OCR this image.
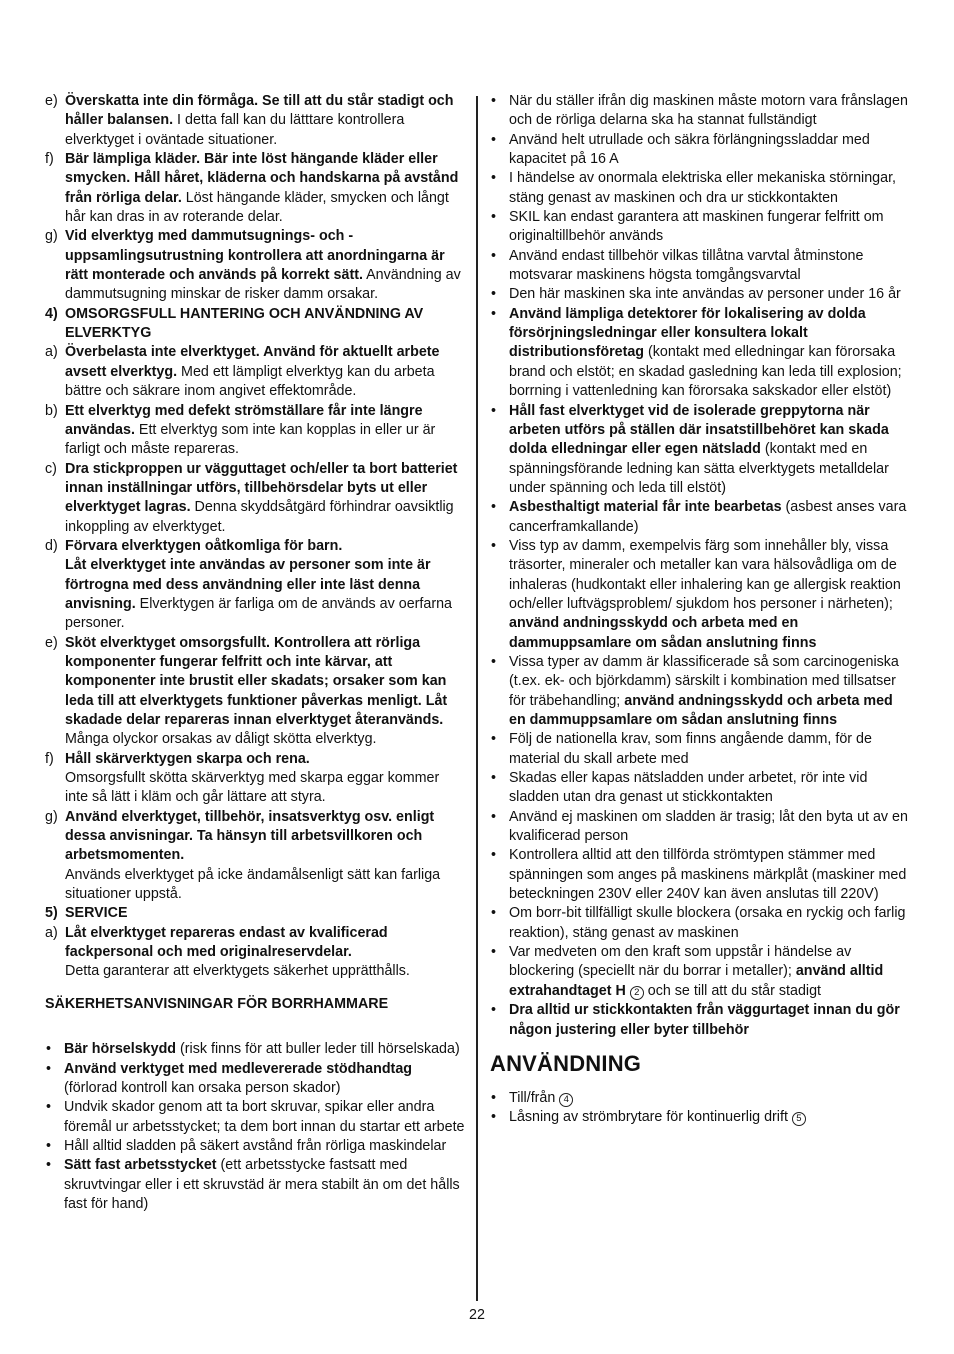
e) Överskatta inte din förmåga. Se till att du står stadigt och håller balansen. I detta fall kan du lätttare kontrollera elverktyget i oväntade situationer.
f) Bär lämpliga kläder. Bär inte löst hängande kläder eller smycken. Håll håret, kläderna och handskarna på avstånd från rörliga delar. Löst hängande kläder, smycken och långt hår kan dras in av roterande delar.
g) Vid elverktyg med dammutsugnings- och -uppsamlingsutrustning kontrollera att anordningarna är rätt monterade och används på korrekt sätt. Användning av dammutsugning minskar de risker damm orsakar.
4) OMSORGSFULL HANTERING OCH ANVÄNDNING AV ELVERKTYG
a) Överbelasta inte elverktyget. Använd för aktuellt arbete avsett elverktyg. Med ett lämpligt elverktyg kan du arbeta bättre och säkrare inom angivet effektområde.
b) Ett elverktyg med defekt strömställare får inte längre användas. Ett elverktyg som inte kan kopplas in eller ur är farligt och måste repareras.
c) Dra stickproppen ur vägguttaget och/eller ta bort batteriet innan inställningar utförs, tillbehörsdelar byts ut eller elverktyget lagras. Denna skyddsåtgärd förhindrar oavsiktlig inkoppling av elverktyget.
d) Förvara elverktygen oåtkomliga för barn.
Låt elverktyget inte användas av personer som inte är förtrogna med dess användning eller inte läst denna anvisning. Elverktygen är farliga om de används av oerfarna personer.
e) Sköt elverktyget omsorgsfullt. Kontrollera att rörliga komponenter fungerar felfritt och inte kärvar, att komponenter inte brustit eller skadats; orsaker som kan leda till att elverktygets funktioner påverkas menligt. Låt skadade delar repareras innan elverktyget återanvänds. Många olyckor orsakas av dåligt skötta elverktyg.
f) Håll skärverktygen skarpa och rena.
Omsorgsfullt skötta skärverktyg med skarpa eggar kommer inte så lätt i kläm och går lättare att styra.
g) Använd elverktyget, tillbehör, insatsverktyg osv. enligt dessa anvisningar. Ta hänsyn till arbetsvillkoren och arbetsmomenten.
Används elverktyget på icke ändamålsenligt sätt kan farliga situationer uppstå.
5) SERVICE
a) Låt elverktyget repareras endast av kvalificerad fackpersonal och med originalreservdelar.
Detta garanterar att elverktygets säkerhet upprätthålls.
SÄKERHETSANVISNINGAR FÖR BORRHAMMARE
• Bär hörselskydd (risk finns för att buller leder till hörselskada)
• Använd verktyget med medlevererade stödhandtag (förlorad kontroll kan orsaka person skador)
• Undvik skador genom att ta bort skruvar, spikar eller andra föremål ur arbetsstycket; ta dem bort innan du startar ett arbete
• Håll alltid sladden på säkert avstånd från rörliga maskindelar
• Sätt fast arbetsstycket (ett arbetsstycke fastsatt med skruvtvingar eller i ett skruvstäd är mera stabilt än om det hålls fast för hand)
• När du ställer ifrån dig maskinen måste motorn vara frånslagen och de rörliga delarna ska ha stannat fullständigt
• Använd helt utrullade och säkra förlängningssladdar med kapacitet på 16 A
• I händelse av onormala elektriska eller mekaniska störningar, stäng genast av maskinen och dra ur stickkontakten
• SKIL kan endast garantera att maskinen fungerar felfritt om originaltillbehör används
• Använd endast tillbehör vilkas tillåtna varvtal åtminstone motsvarar maskinens högsta tomgångsvarvtal
• Den här maskinen ska inte användas av personer under 16 år
• Använd lämpliga detektorer för lokalisering av dolda försörjningsledningar eller konsultera lokalt distributionsföretag (kontakt med elledningar kan förorsaka brand och elstöt; en skadad gasledning kan leda till explosion; borrning i vattenledning kan förorsaka sakskador eller elstöt)
• Håll fast elverktyget vid de isolerade greppytorna när arbeten utförs på ställen där insatstillbehöret kan skada dolda elledningar eller egen nätsladd (kontakt med en spänningsförande ledning kan sätta elverktygets metalldelar under spänning och leda till elstöt)
• Asbesthaltigt material får inte bearbetas (asbest anses vara cancerframkallande)
• Viss typ av damm, exempelvis färg som innehåller bly, vissa träsorter, mineraler och metaller kan vara hälsovådliga om de inhaleras (hudkontakt eller inhalering kan ge allergisk reaktion och/eller luftvägsproblem/ sjukdom hos personer i närheten); använd andningsskydd och arbeta med en dammuppsamlare om sådan anslutning finns
• Vissa typer av damm är klassificerade så som carcinogeniska (t.ex. ek- och björkdamm) särskilt i kombination med tillsatser för träbehandling; använd andningsskydd och arbeta med en dammuppsamlare om sådan anslutning finns
• Följ de nationella krav, som finns angående damm, för de material du skall arbete med
• Skadas eller kapas nätsladden under arbetet, rör inte vid sladden utan dra genast ut stickkontakten
• Använd ej maskinen om sladden är trasig; låt den byta ut av en kvalificerad person
• Kontrollera alltid att den tillförda strömtypen stämmer med spänningen som anges på maskinens märkplåt (maskiner med beteckningen 230V eller 240V kan även anslutas till 220V)
• Om borr-bit tillfälligt skulle blockera (orsaka en ryckig och farlig reaktion), stäng genast av maskinen
• Var medveten om den kraft som uppstår i händelse av blockering (speciellt när du borrar i metaller); använd alltid extrahandtaget H 2 och se till att du står stadigt
• Dra alltid ur stickkontakten från väggurtaget innan du gör någon justering eller byter tillbehör
ANVÄNDNING
• Till/från 4
• Låsning av strömbrytare för kontinuerlig drift 5
22
